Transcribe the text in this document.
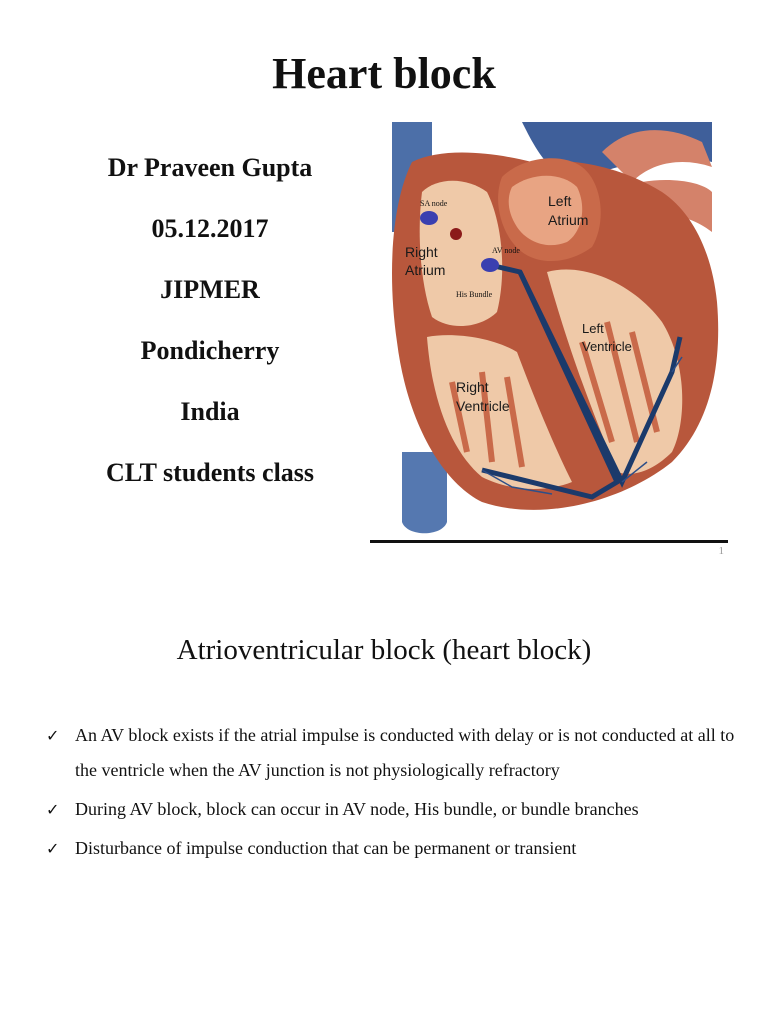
Heart block
Dr Praveen Gupta
05.12.2017
JIPMER
Pondicherry
India
CLT students class
SA node
AV node
His Bundle
Right
Atrium
Left
Atrium
Left
Ventricle
Right
Ventricle
1
Atrioventricular block (heart block)
✓ An AV block exists if the atrial impulse is conducted with delay or is not conducted at all to the ventricle when the AV junction is not physiologically refractory
✓ During AV block, block can occur in AV node, His bundle, or bundle branches
✓ Disturbance of impulse conduction that can be permanent or transient
